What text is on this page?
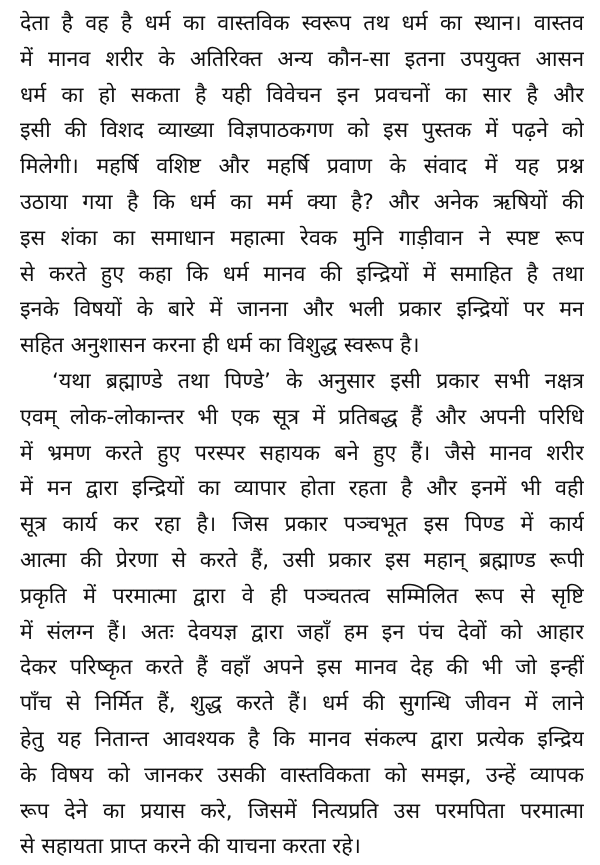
देता है वह है धर्म का वास्तविक स्वरूप तथ धर्म का स्थान। वास्तव
में मानव शरीर के अतिरिक्त अन्य कौन-सा इतना उपयुक्त आसन
धर्म का हो सकता है यही विवेचन इन प्रवचनों का सार है और
इसी की विशद व्याख्या विज्ञपाठकगण को इस पुस्तक में पढ़ने को
मिलेगी। महर्षि वशिष्ट और महर्षि प्रवाण के संवाद में यह प्रश्न
उठाया गया है कि धर्म का मर्म क्या है? और अनेक ऋषियों की
इस शंका का समाधान महात्मा रेवक मुनि गाड़ीवान ने स्पष्ट रूप
से करते हुए कहा कि धर्म मानव की इन्द्रियों में समाहित है तथा
इनके विषयों के बारे में जानना और भली प्रकार इन्द्रियों पर मन
सहित अनुशासन करना ही धर्म का विशुद्ध स्वरूप है।
‘यथा ब्रह्माण्डे तथा पिण्डे’ के अनुसार इसी प्रकार सभी नक्षत्र
एवम् लोक-लोकान्तर भी एक सूत्र में प्रतिबद्ध हैं और अपनी परिधि
में भ्रमण करते हुए परस्पर सहायक बने हुए हैं। जैसे मानव शरीर
में मन द्वारा इन्द्रियों का व्यापार होता रहता है और इनमें भी वही
सूत्र कार्य कर रहा है। जिस प्रकार पञ्चभूत इस पिण्ड में कार्य
आत्मा की प्रेरणा से करते हैं, उसी प्रकार इस महान् ब्रह्माण्ड रूपी
प्रकृति में परमात्मा द्वारा वे ही पञ्चतत्व सम्मिलित रूप से सृष्टि
में संलग्न हैं। अतः देवयज्ञ द्वारा जहाँ हम इन पंच देवों को आहार
देकर परिष्कृत करते हैं वहाँ अपने इस मानव देह की भी जो इन्हीं
पाँच से निर्मित हैं, शुद्ध करते हैं। धर्म की सुगन्धि जीवन में लाने
हेतु यह नितान्त आवश्यक है कि मानव संकल्प द्वारा प्रत्येक इन्द्रिय
के विषय को जानकर उसकी वास्तविकता को समझ, उन्हें व्यापक
रूप देने का प्रयास करे, जिसमें नित्यप्रति उस परमपिता परमात्मा
से सहायता प्राप्त करने की याचना करता रहे।
